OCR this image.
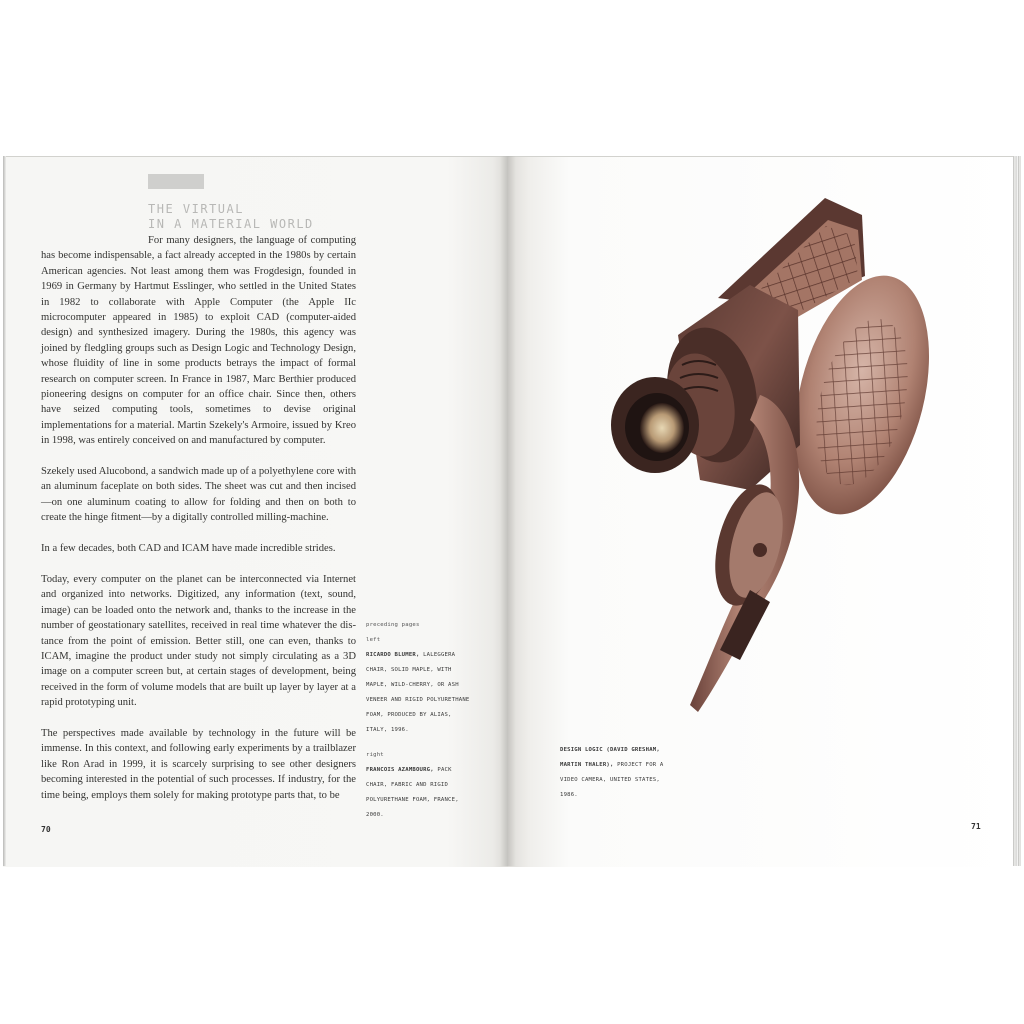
THE VIRTUAL
IN A MATERIAL WORLD

For many designers, the language of computing has become indispensable, a fact already accepted in the 1980s by certain American agencies. Not least among them was Frogdesign, founded in 1969 in Germany by Hartmut Esslinger, who settled in the United States in 1982 to collaborate with Apple Computer (the Apple IIc microcomputer appeared in 1985) to exploit CAD (computer-aided design) and synthesized imagery. During the 1980s, this agency was joined by fledgling groups such as Design Logic and Technology Design, whose fluidity of line in some products betrays the impact of formal research on computer screen. In France in 1987, Marc Berthier produced pioneering designs on computer for an office chair. Since then, others have seized computing tools, sometimes to devise original implementations for a material. Martin Szekely's Armoire, issued by Kreo in 1998, was entirely conceived on and manufactured by computer.

Szekely used Alucobond, a sandwich made up of a polyethylene core with an aluminum faceplate on both sides. The sheet was cut and then incised—on one aluminum coating to allow for folding and then on both to create the hinge fitment—by a digitally controlled milling-machine.

In a few decades, both CAD and ICAM have made incredible strides.

Today, every computer on the planet can be interconnected via Internet and organized into networks. Digitized, any information (text, sound, image) can be loaded onto the network and, thanks to the increase in the number of geostationary satellites, received in real time whatever the distance from the point of emission. Better still, one can even, thanks to ICAM, imagine the product under study not simply circulating as a 3D image on a computer screen but, at certain stages of development, being received in the form of volume models that are built up layer by layer at a rapid prototyping unit.

The perspectives made available by technology in the future will be immense. In this context, and following early experiments by a trailblazer like Ron Arad in 1999, it is scarcely surprising to see other designers becoming interested in the potential of such processes. If industry, for the time being, employs them solely for making prototype parts that, to be

preceding pages
left
RICARDO BLUMER, LALEGGERA CHAIR, SOLID MAPLE, WITH MAPLE, WILD-CHERRY, OR ASH VENEER AND RIGID POLYURETHANE FOAM, PRODUCED BY ALIAS, ITALY, 1996.
right
FRANCOIS AZAMBOURG, PACK CHAIR, FABRIC AND RIGID POLYURETHANE FOAM, FRANCE, 2000.
70
DESIGN LOGIC (DAVID GRESHAM, MARTIN THALER), PROJECT FOR A VIDEO CAMERA, UNITED STATES, 1986.
71
